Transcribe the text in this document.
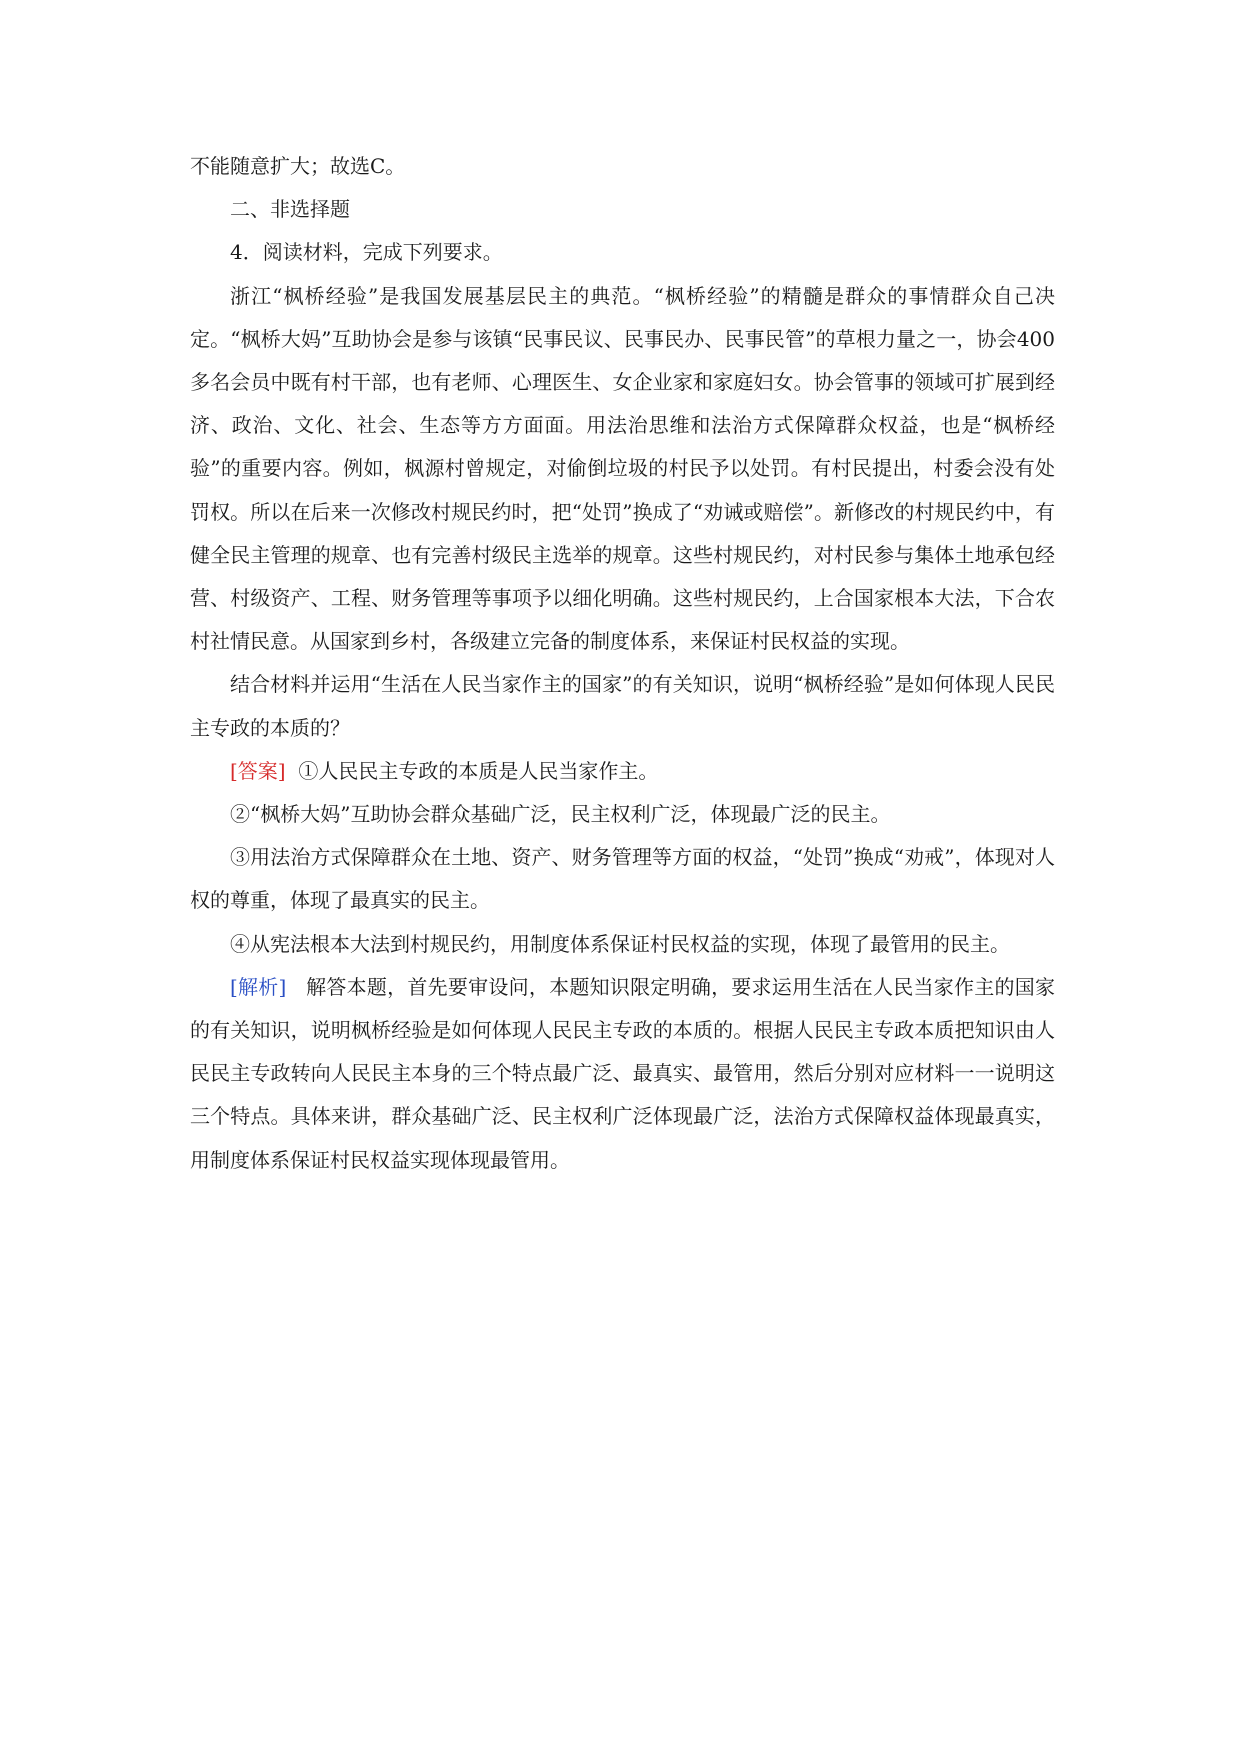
不能随意扩大；故选C。

二、非选择题

4．阅读材料，完成下列要求。

浙江“枫桥经验”是我国发展基层民主的典范。“枫桥经验”的精髓是群众的事情群众自己决定。“枫桥大妈”互助协会是参与该镇“民事民议、民事民办、民事民管”的草根力量之一，协会400多名会员中既有村干部，也有老师、心理医生、女企业家和家庭妇女。协会管事的领域可扩展到经济、政治、文化、社会、生态等方方面面。用法治思维和法治方式保障群众权益，也是“枫桥经验”的重要内容。例如，枫源村曾规定，对偷倒垃圾的村民予以处罚。有村民提出，村委会没有处罚权。所以在后来一次修改村规民约时，把“处罚”换成了“劝诫或赔偿”。新修改的村规民约中，有健全民主管理的规章、也有完善村级民主选举的规章。这些村规民约，对村民参与集体土地承包经营、村级资产、工程、财务管理等事项予以细化明确。这些村规民约，上合国家根本大法，下合农村社情民意。从国家到乡村，各级建立完备的制度体系，来保证村民权益的实现。

结合材料并运用“生活在人民当家作主的国家”的有关知识，说明“枫桥经验”是如何体现人民民主专政的本质的？

[答案] ①人民民主专政的本质是人民当家作主。

②“枫桥大妈”互助协会群众基础广泛，民主权利广泛，体现最广泛的民主。

③用法治方式保障群众在土地、资产、财务管理等方面的权益，“处罚”换成“劝戒”，体现对人权的尊重，体现了最真实的民主。

④从宪法根本大法到村规民约，用制度体系保证村民权益的实现，体现了最管用的民主。

[解析] 解答本题，首先要审设问，本题知识限定明确，要求运用生活在人民当家作主的国家的有关知识，说明枫桥经验是如何体现人民民主专政的本质的。根据人民民主专政本质把知识由人民民主专政转向人民民主本身的三个特点最广泛、最真实、最管用，然后分别对应材料一一说明这三个特点。具体来讲，群众基础广泛、民主权利广泛体现最广泛，法治方式保障权益体现最真实，用制度体系保证村民权益实现体现最管用。
